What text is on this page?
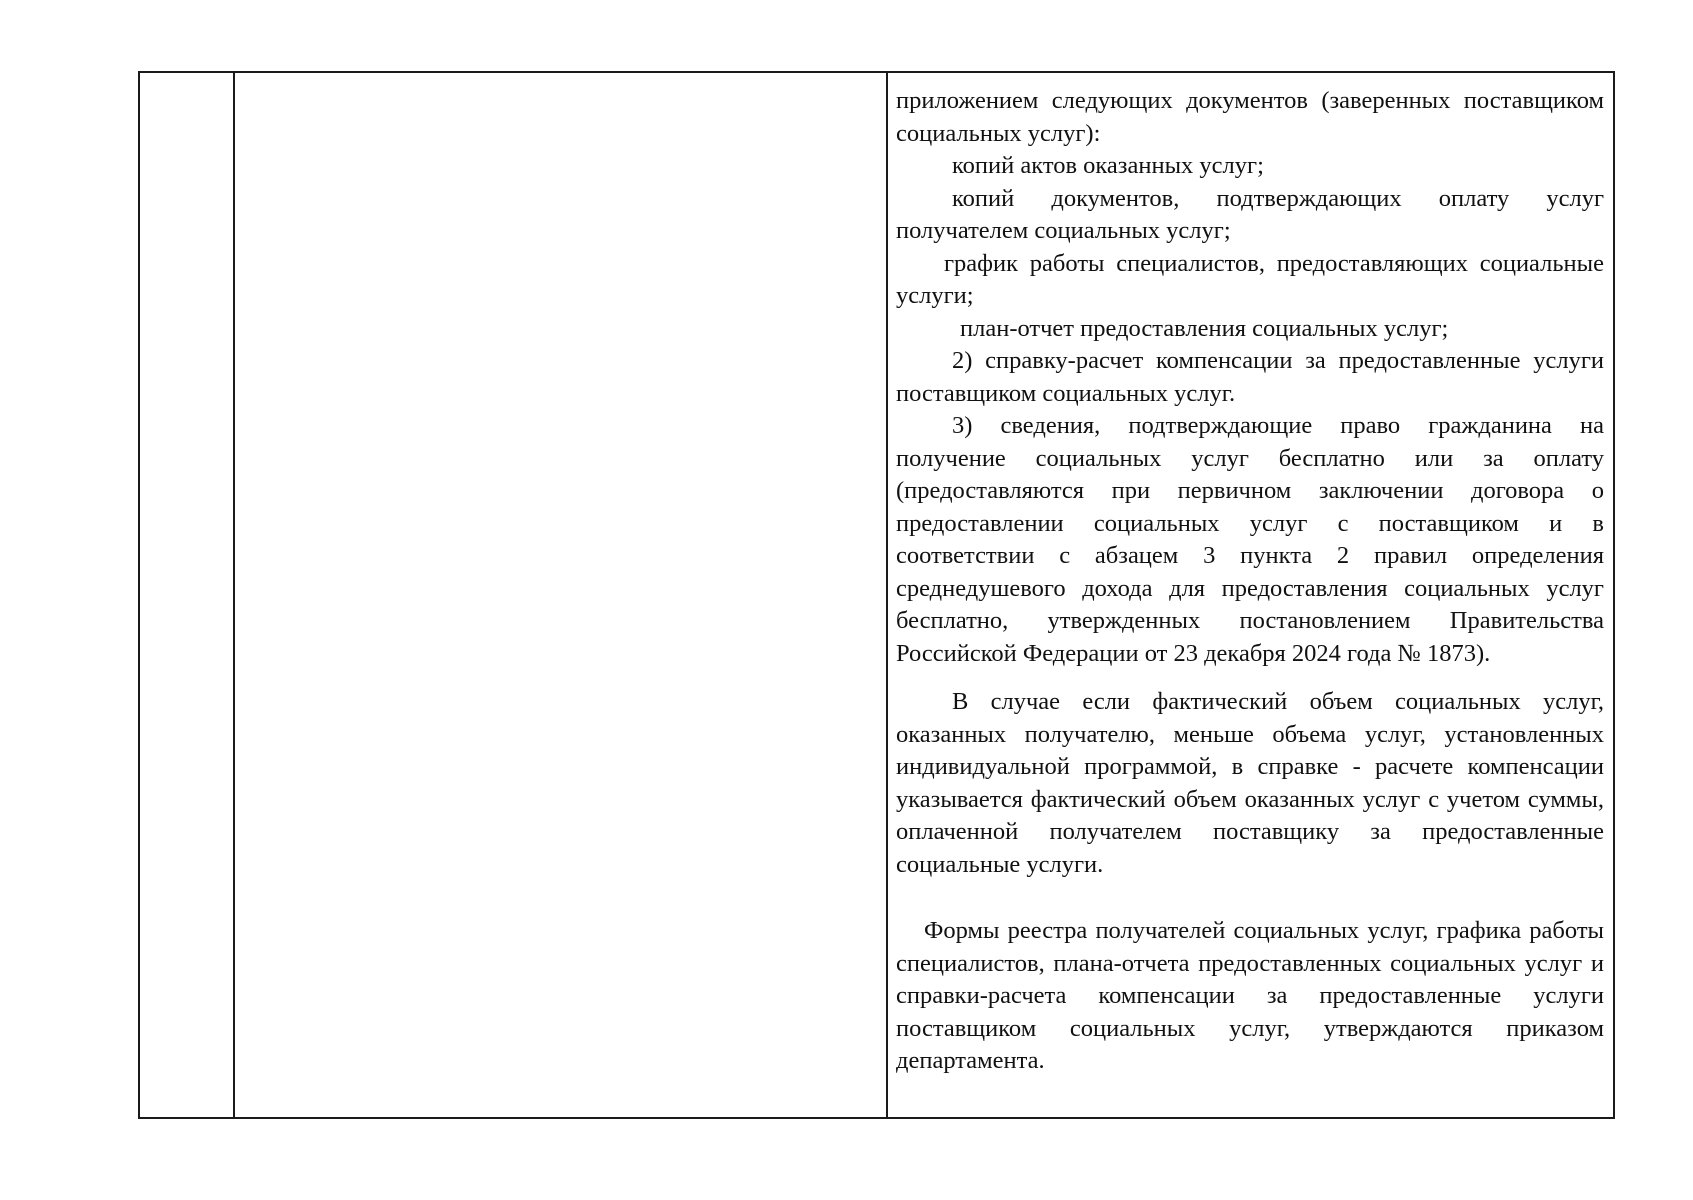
приложением следующих документов (заверенных поставщиком социальных услуг):

копий актов оказанных услуг;

копий документов, подтверждающих оплату услуг получателем социальных услуг;

график работы специалистов, предоставляющих социальные услуги;

план-отчет предоставления социальных услуг;

2) справку-расчет компенсации за предоставленные услуги поставщиком социальных услуг.

3) сведения, подтверждающие право гражданина на получение социальных услуг бесплатно или за оплату (предоставляются при первичном заключении договора о предоставлении социальных услуг с поставщиком и в соответствии с абзацем 3 пункта 2 правил определения среднедушевого дохода для предоставления социальных услуг бесплатно, утвержденных постановлением Правительства Российской Федерации от 23 декабря 2024 года № 1873).

В случае если фактический объем социальных услуг, оказанных получателю, меньше объема услуг, установленных индивидуальной программой, в справке - расчете компенсации указывается фактический объем оказанных услуг с учетом суммы, оплаченной получателем поставщику за предоставленные социальные услуги.

Формы реестра получателей социальных услуг, графика работы специалистов, плана-отчета предоставленных социальных услуг и справки-расчета компенсации за предоставленные услуги поставщиком социальных услуг, утверждаются приказом департамента.
